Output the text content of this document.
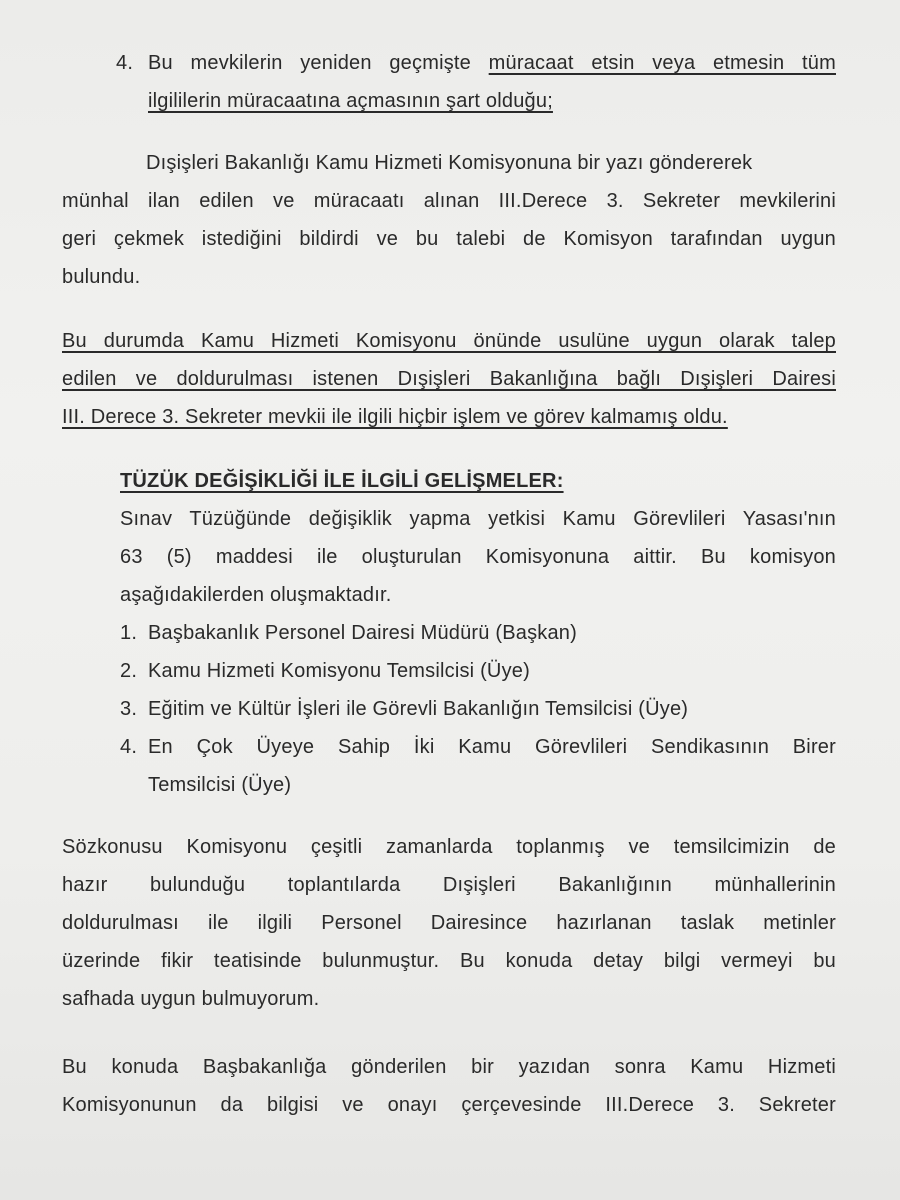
4. Bu mevkilerin yeniden geçmişte müracaat etsin veya etmesin tüm
ilgililerin müracaatına açmasının şart olduğu;
Dışişleri Bakanlığı Kamu Hizmeti Komisyonuna bir yazı göndererek
münhal ilan edilen ve müracaatı alınan III.Derece 3. Sekreter mevkilerini
geri çekmek istediğini bildirdi ve bu talebi de Komisyon tarafından uygun
bulundu.
Bu durumda Kamu Hizmeti Komisyonu önünde usulüne uygun olarak talep
edilen ve doldurulması istenen Dışişleri Bakanlığına bağlı Dışişleri Dairesi
III. Derece 3. Sekreter mevkii ile ilgili hiçbir işlem ve görev kalmamış oldu.
TÜZÜK DEĞİŞİKLİĞİ İLE İLGİLİ GELİŞMELER:
Sınav Tüzüğünde değişiklik yapma yetkisi Kamu Görevlileri Yasası'nın
63 (5) maddesi ile oluşturulan Komisyonuna aittir. Bu komisyon
aşağıdakilerden oluşmaktadır.
1. Başbakanlık Personel Dairesi Müdürü (Başkan)
2. Kamu Hizmeti Komisyonu Temsilcisi (Üye)
3. Eğitim ve Kültür İşleri ile Görevli Bakanlığın Temsilcisi (Üye)
4. En Çok Üyeye Sahip İki Kamu Görevlileri Sendikasının Birer
Temsilcisi (Üye)
Sözkonusu Komisyonu çeşitli zamanlarda toplanmış ve temsilcimizin de
hazır bulunduğu toplantılarda Dışişleri Bakanlığının münhallerinin
doldurulması ile ilgili Personel Dairesince hazırlanan taslak metinler
üzerinde fikir teatisinde bulunmuştur. Bu konuda detay bilgi vermeyi bu
safhada uygun bulmuyorum.
Bu konuda Başbakanlığa gönderilen bir yazıdan sonra Kamu Hizmeti
Komisyonunun da bilgisi ve onayı çerçevesinde III.Derece 3. Sekreter
